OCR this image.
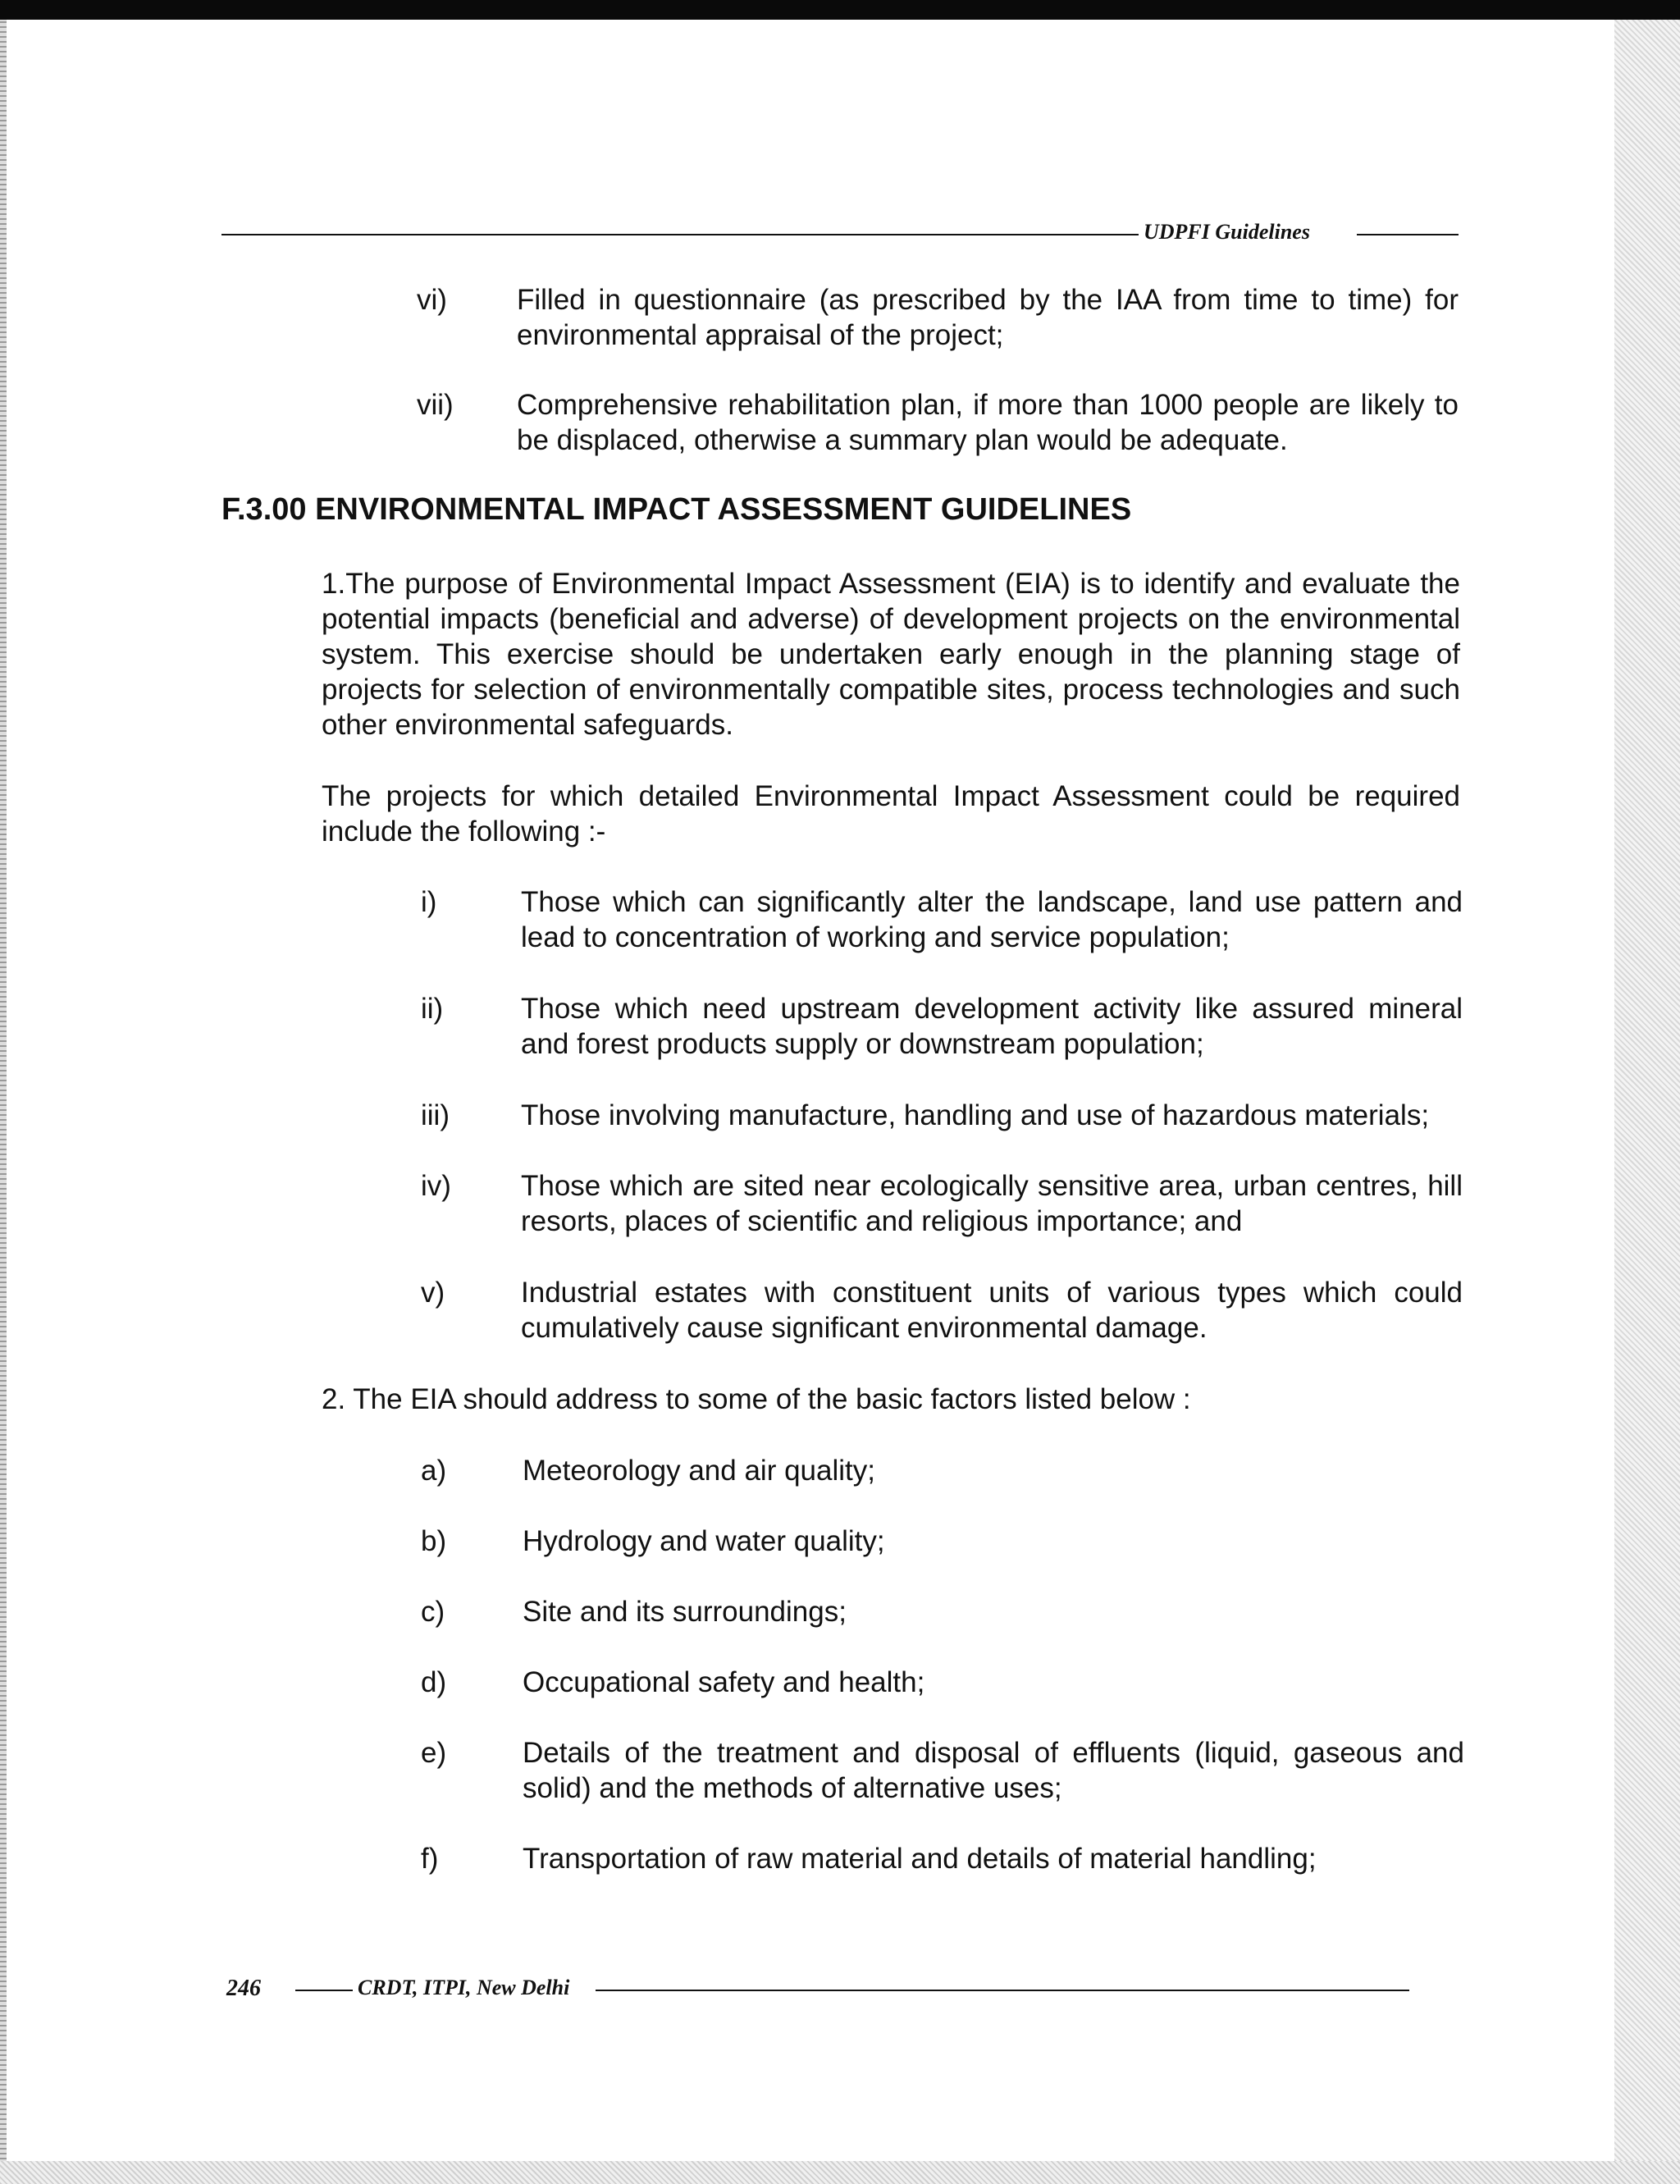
UDPFI Guidelines
vi) Filled in questionnaire (as prescribed by the IAA from time to time) for environmental appraisal of the project;
vii) Comprehensive rehabilitation plan, if more than 1000 people are likely to be displaced, otherwise a summary plan would be adequate.
F.3.00 ENVIRONMENTAL IMPACT ASSESSMENT GUIDELINES
1.The purpose of Environmental Impact Assessment (EIA) is to identify and evaluate the potential impacts (beneficial and adverse) of development projects on the environmental system. This exercise should be undertaken early enough in the planning stage of projects for selection of environmentally compatible sites, process technologies and such other environmental safeguards.
The projects for which detailed Environmental Impact Assessment could be required include the following :-
i)	Those which can significantly alter the landscape, land use pattern and lead to concentration of working and service population;
ii)	Those which need upstream development activity like assured mineral and forest products supply or downstream population;
iii) Those involving manufacture, handling and use of hazardous materials;
iv) Those which are sited near ecologically sensitive area, urban centres, hill resorts, places of scientific and religious importance; and
v)	Industrial estates with constituent units of various types which could cumulatively cause significant environmental damage.
2. The EIA should address to some of the basic factors listed below :
a)	Meteorology and air quality;
b)	Hydrology and water quality;
c)	Site and its surroundings;
d)	Occupational safety and health;
e)	Details of the treatment and disposal of effluents (liquid, gaseous and solid) and the methods of alternative uses;
f)	Transportation of raw material and details of material handling;
246	CRDT, ITPI, New Delhi
